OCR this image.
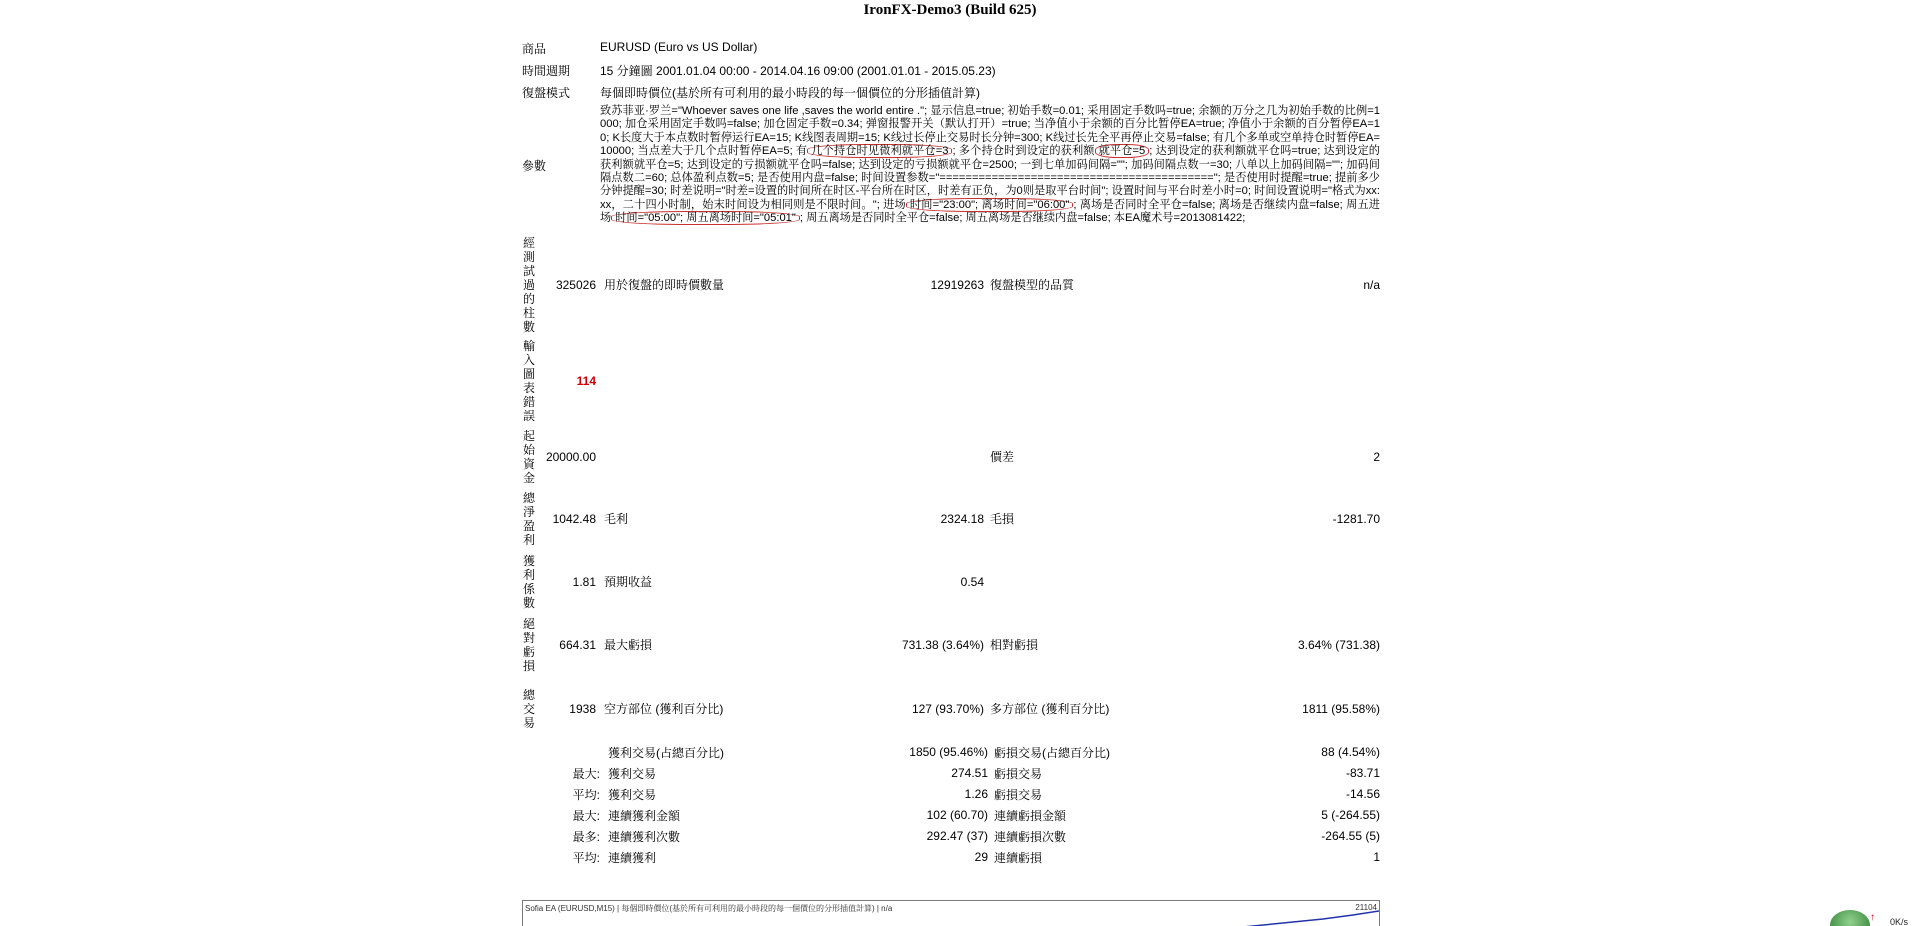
IronFX-Demo3 (Build 625)
商品	EURUSD (Euro vs US Dollar)
時間週期	15 分鐘圖 2001.01.04 00:00 - 2014.04.16 09:00 (2001.01.01 - 2015.05.23)
復盤模式	每個即時價位(基於所有可利用的最小時段的每一個價位的分形插值計算)
參數
致苏菲亚·罗兰="Whoever saves one life ,saves the world entire ."; 显示信息=true; 初始手数=0.01; 采用固定手数吗=true; 余额的万分之几为初始手数的比例=1000; 加仓采用固定手数吗=false; 加仓固定手数=0.34; 弹窗报警开关（默认打开）=true; 当净值小于余额的百分比暂停EA=true; 净值小于余额的百分暂停EA=10; K长度大于本点数时暂停运行EA=15; K线图表周期=15; K线过长停止交易时长分钟=300; K线过长先全平再停止交易=false; 有几个多单或空单持仓时暂停EA=10000; 当点差大于几个点时暂停EA=5; 有 几个持仓时见微利就平仓=3 ; 多个持仓时到设定的获利额 就平仓=5 ; 达到设定的获利额就平仓吗=true; 达到设定的获利额就平仓=5; 达到设定的亏损额就平仓吗=false; 达到设定的亏损额就平仓=2500; 一到七单加码间隔=""; 加码间隔点数一=30; 八单以上加码间隔=""; 加码间隔点数二=60; 总体盈利点数=5; 是否使用内盘=false; 时间设置参数="=========================================="; 是否使用时提醒=true; 提前多少分钟提醒=30; 时差说明="时差=设置的时间所在时区-平台所在时区，时差有正负，为0则是取平台时间"; 设置时间与平台时差小时=0; 时间设置说明="格式为xx:xx，二十四小时制，始末时间设为相同则是不限时间。"; 进场 时间="23:00"; 离场时间="06:00" ; 离场是否同时全平仓=false; 离场是否继续内盘=false; 周五进场 时间="05:00"; 周五离场时间="05:01" ; 周五离场是否同时全平仓=false; 周五离场是否继续内盘=false; 本EA魔术号=2013081422;
經測試過的柱數
325026 用於復盤的即時價數量	12919263 復盤模型的品質	n/a
輸入圖表錯誤
114
起始資金
20000.00	價差	2
總淨盈利
1042.48 毛利	2324.18 毛損	-1281.70
獲利係數
1.81 預期收益	0.54
絕對虧損
664.31 最大虧損	731.38 (3.64%) 相對虧損	3.64% (731.38)
總交易
1938 空方部位 (獲利百分比)	127 (93.70%) 多方部位 (獲利百分比)	1811 (95.58%)
獲利交易(占總百分比)	1850 (95.46%) 虧損交易(占總百分比)	88 (4.54%)
最大: 獲利交易	274.51 虧損交易	-83.71
平均: 獲利交易	1.26 虧損交易	-14.56
最大: 連續獲利金額	102 (60.70) 連續虧損金額	5 (-264.55)
最多: 連續獲利次數	292.47 (37) 連續虧損次數	-264.55 (5)
平均: 連續獲利	29 連續虧損	1
Sofia EA (EURUSD,M15) | 每個即時價位(基於所有可利用的最小時段的每一個價位的分形插值計算) | n/a	21104
↑ 0K/s
